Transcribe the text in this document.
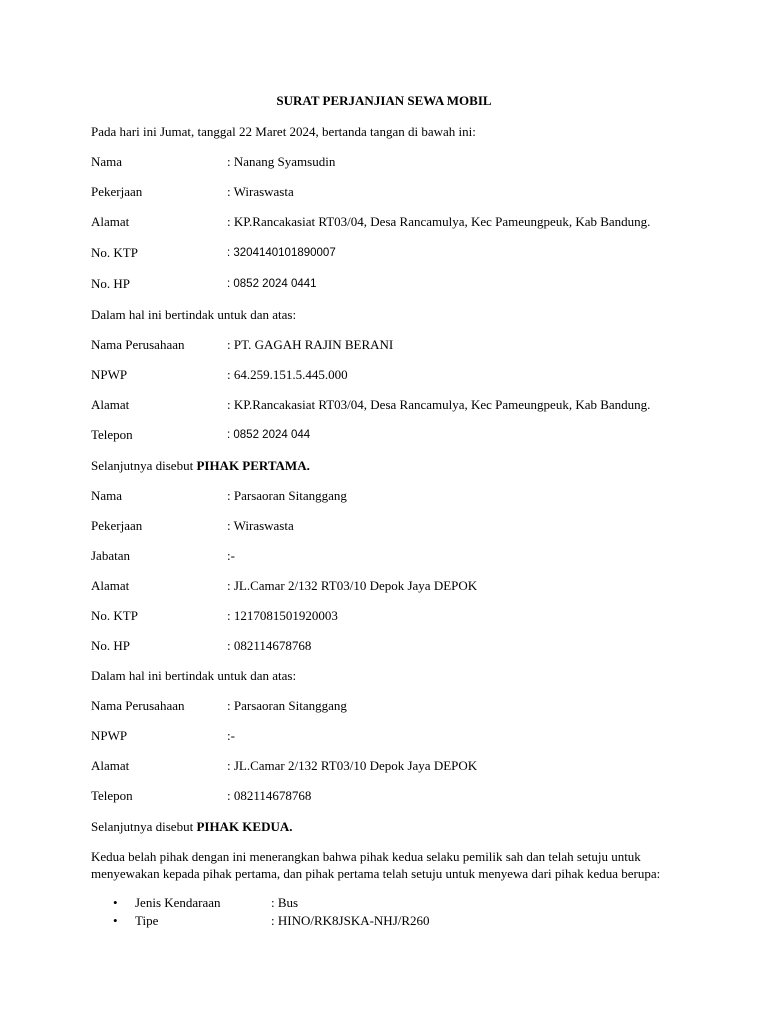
SURAT PERJANJIAN SEWA MOBIL
Pada hari ini Jumat, tanggal 22 Maret 2024, bertanda tangan di bawah ini:
Nama	: Nanang Syamsudin
Pekerjaan	: Wiraswasta
Alamat	: KP.Rancakasiat RT03/04, Desa Rancamulya, Kec Pameungpeuk, Kab Bandung.
No. KTP	: 3204140101890007
No. HP	: 0852 2024 0441
Dalam hal ini bertindak untuk dan atas:
Nama Perusahaan	: PT. GAGAH RAJIN BERANI
NPWP	: 64.259.151.5.445.000
Alamat	: KP.Rancakasiat RT03/04, Desa Rancamulya, Kec Pameungpeuk, Kab Bandung.
Telepon	: 0852 2024 044
Selanjutnya disebut PIHAK PERTAMA.
Nama	: Parsaoran Sitanggang
Pekerjaan	: Wiraswasta
Jabatan	:-
Alamat	: JL.Camar 2/132 RT03/10 Depok Jaya DEPOK
No. KTP	: 1217081501920003
No. HP	: 082114678768
Dalam hal ini bertindak untuk dan atas:
Nama Perusahaan	: Parsaoran Sitanggang
NPWP	:-
Alamat	: JL.Camar 2/132 RT03/10 Depok Jaya DEPOK
Telepon	: 082114678768
Selanjutnya disebut PIHAK KEDUA.
Kedua belah pihak dengan ini menerangkan bahwa pihak kedua selaku pemilik sah dan telah setuju untuk menyewakan kepada pihak pertama, dan pihak pertama telah setuju untuk menyewa dari pihak kedua berupa:
• Jenis Kendaraan	: Bus
• Tipe	: HINO/RK8JSKA-NHJ/R260
